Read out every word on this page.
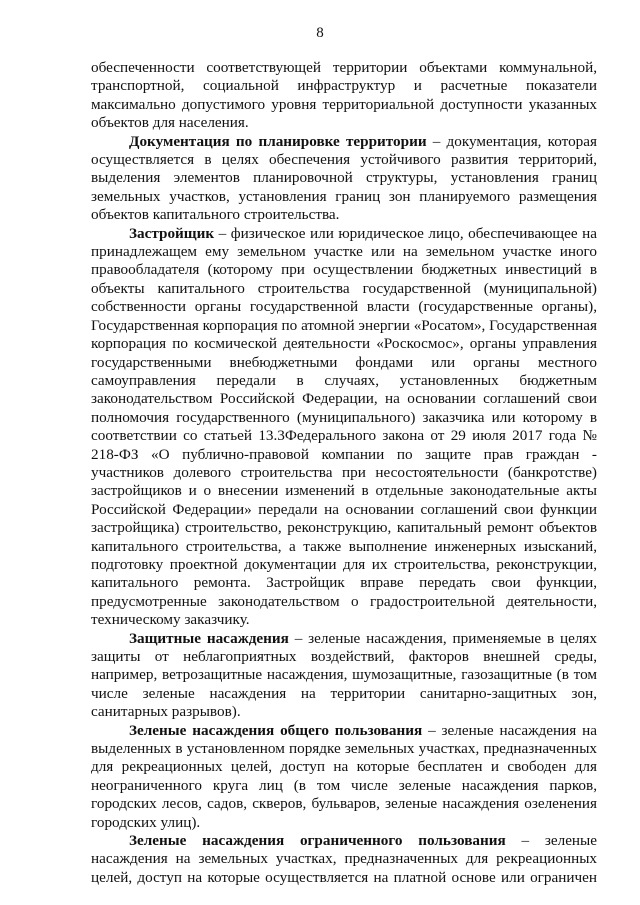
8

обеспеченности соответствующей территории объектами коммунальной, транспортной, социальной инфраструктур и расчетные показатели максимально допустимого уровня территориальной доступности указанных объектов для населения.

Документация по планировке территории – документация, которая осуществляется в целях обеспечения устойчивого развития территорий, выделения элементов планировочной структуры, установления границ земельных участков, установления границ зон планируемого размещения объектов капитального строительства.

Застройщик – физическое или юридическое лицо, обеспечивающее на принадлежащем ему земельном участке или на земельном участке иного правообладателя (которому при осуществлении бюджетных инвестиций в объекты капитального строительства государственной (муниципальной) собственности органы государственной власти (государственные органы), Государственная корпорация по атомной энергии «Росатом», Государственная корпорация по космической деятельности «Роскосмос», органы управления государственными внебюджетными фондами или органы местного самоуправления передали в случаях, установленных бюджетным законодательством Российской Федерации, на основании соглашений свои полномочия государственного (муниципального) заказчика или которому в соответствии со статьей 13.3Федерального закона от 29 июля 2017 года № 218-ФЗ «О публично-правовой компании по защите прав граждан - участников долевого строительства при несостоятельности (банкротстве) застройщиков и о внесении изменений в отдельные законодательные акты Российской Федерации» передали на основании соглашений свои функции застройщика) строительство, реконструкцию, капитальный ремонт объектов капитального строительства, а также выполнение инженерных изысканий, подготовку проектной документации для их строительства, реконструкции, капитального ремонта. Застройщик вправе передать свои функции, предусмотренные законодательством о градостроительной деятельности, техническому заказчику.

Защитные насаждения – зеленые насаждения, применяемые в целях защиты от неблагоприятных воздействий, факторов внешней среды, например, ветрозащитные насаждения, шумозащитные, газозащитные (в том числе зеленые насаждения на территории санитарно-защитных зон, санитарных разрывов).

Зеленые насаждения общего пользования – зеленые насаждения на выделенных в установленном порядке земельных участках, предназначенных для рекреационных целей, доступ на которые бесплатен и свободен для неограниченного круга лиц (в том числе зеленые насаждения парков, городских лесов, садов, скверов, бульваров, зеленые насаждения озеленения городских улиц).

Зеленые насаждения ограниченного пользования – зеленые насаждения на земельных участках, предназначенных для рекреационных целей, доступ на которые осуществляется на платной основе или ограничен
